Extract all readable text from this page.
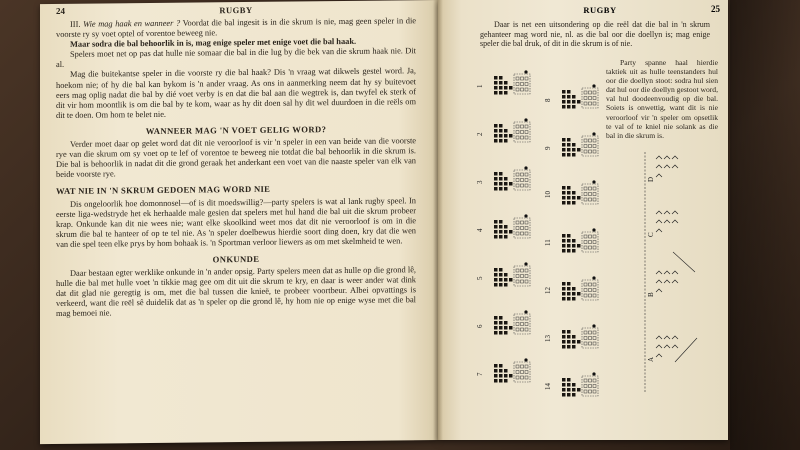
24	RUGBY

III. Wie mag haak en wanneer ? Voordat die bal ingesit is in die skrum is nie, mag geen speler in die voorste ry sy voet optel of vorentoe beweeg nie.

Maar sodra die bal behoorlik in is, mag enige speler met enige voet die bal haak.

Spelers moet net op pas dat hulle nie somaar die bal in die lug by die bek van die skrum haak nie. Dit al.

Mag die buitekantse speler in die voorste ry die bal haak? Dis 'n vraag wat dikwels gestel word. Ja, hoekom nie; of hy die bal kan bykom is 'n ander vraag. As ons in aanmerking neem dat hy sy buitevoet eers mag oplig nadat die bal by dié voet verby is en dat die bal aan die wegtrek is, dan twyfel ek sterk of dit vir hom moontlik is om die bal by te kom, waar as hy dit doen sal hy dit wel duurdoen in die reëls om dit te doen. Om hom te belet nie.

WANNEER MAG 'N VOET GELIG WORD?

Verder moet daar op gelet word dat dit nie veroorloof is vir 'n speler in een van beide van die voorste rye van die skrum om sy voet op te lef of vorentoe te beweeg nie totdat die bal behoorlik in die skrum is. Die bal is behoorlik in nadat dit die grond geraak het anderkant een voet van die naaste speler van elk van beide voorste rye.

WAT NIE IN 'N SKRUM GEDOEN MAG WORD NIE

Dis ongeloorlik hoe domonnosel—of is dit moedswillig?—party spelers is wat al lank rugby speel. In eerste liga-wedstryde het ek herhaalde male gesien dat spelers met hul hand die bal uit die skrum probeer krap. Onkunde kan dit nie wees nie; want elke skoolkind weet mos dat dit nie veroorloof is om in die skrum die bal te hanteer of op te tel nie. As 'n speler doelbewus hierdie soort ding doen, kry dat die wen van die spel teen elke prys by hom bohaak is. 'n Sportman verloor liewers as om met skelmheid te wen.

ONKUNDE

Daar bestaan egter werklike onkunde in 'n ander opsig. Party spelers meen dat as hulle op die grond lê, hulle die bal met hulle voet 'n tikkie mag gee om dit uit die skrum te kry, en daar is weer ander wat dink dat dit glad nie geregtig is om, met die bal tussen die knieë, te probeer voortbeur. Albei opvattings is verkeerd, want die reël sê duidelik dat as 'n speler op die grond lê, hy hom nie op enige wyse met die bal mag bemoei nie.

RUGBY	25

Daar is net een uitsondering op die reël dat die bal in 'n skrum gehanteer mag word nie, nl. as die bal oor die doellyn is; mag enige speler die bal druk, of dit in die skrum is of nie.

Party spanne haal hierdie taktiek uit as hulle teenstanders hul oor die doellyn stoot: sodra hul sien dat hul oor die doellyn gestoot word, val hul doodeenvoudig op die bal. Soiets is onwettig, want dit is nie veroorloof vir 'n speler om opsetlik te val of te kniel nie solank as die bal in die skrum is.

1
2
3
4
5
6
7
8
9
10
11
12
13
14
A
B
C
D
